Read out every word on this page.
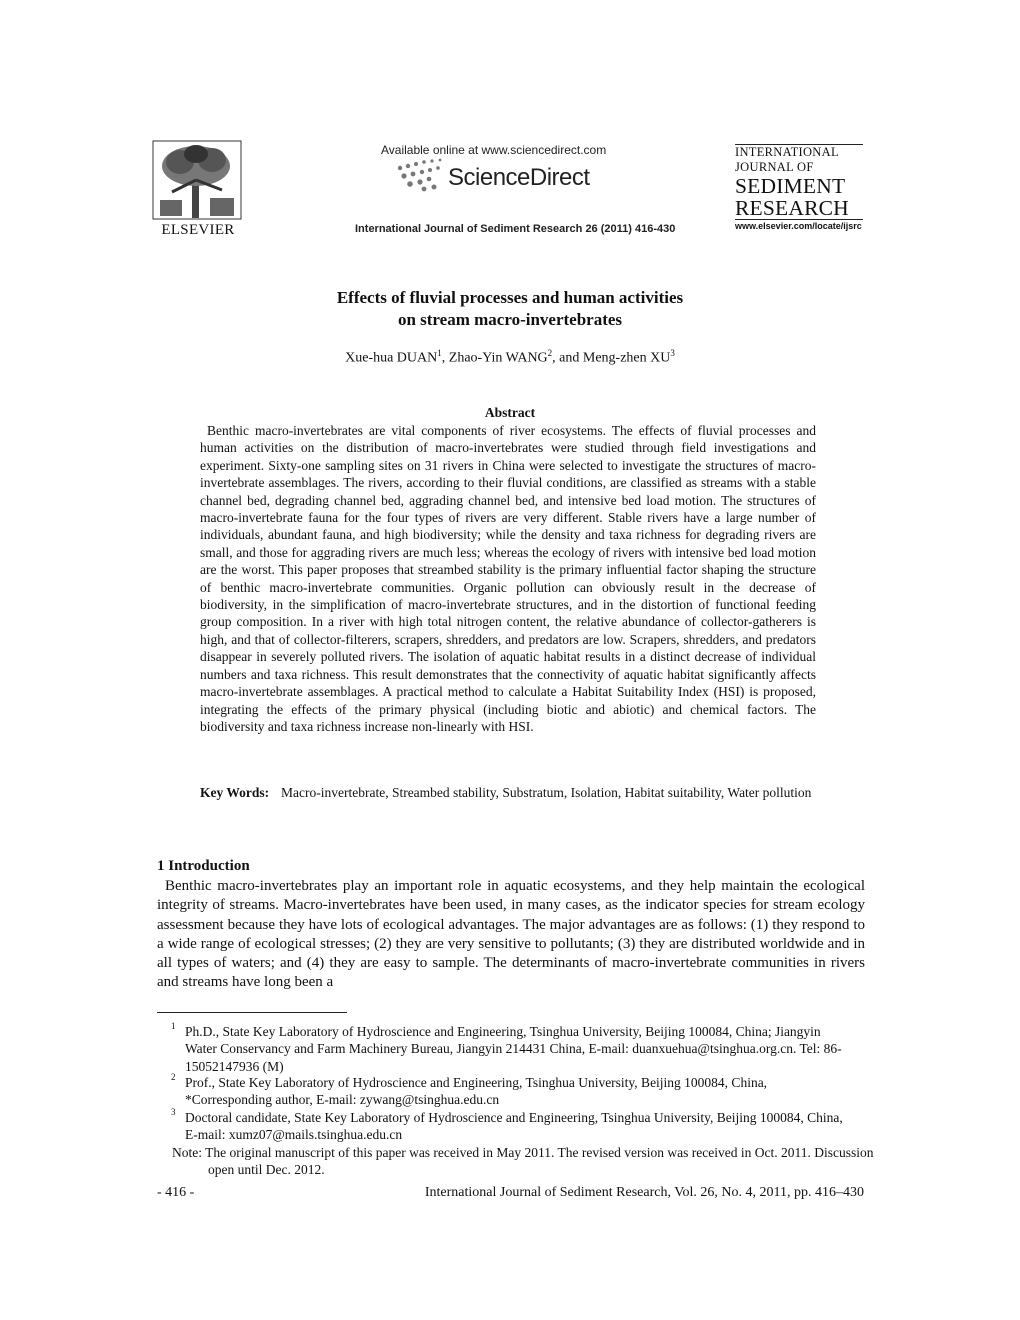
ELSEVIER
Available online at www.sciencedirect.com
ScienceDirect
International Journal of Sediment Research 26 (2011) 416-430
INTERNATIONAL
JOURNAL OF
SEDIMENT
RESEARCH
www.elsevier.com/locate/ijsrc
Effects of fluvial processes and human activities
on stream macro-invertebrates
Xue-hua DUAN$^1$, Zhao-Yin WANG$^2$, and Meng-zhen $XU^3$
Abstract

Benthic macro-invertebrates are vital components of river ecosystems. The effects of fluvial processes and human activities on the distribution of macro-invertebrates were studied through field investigations and experiment. Sixty-one sampling sites on 31 rivers in China were selected to investigate the structures of macro-invertebrate assemblages. The rivers, according to their fluvial conditions, are classified as streams with a stable channel bed, degrading channel bed, aggrading channel bed, and intensive bed load motion. The structures of macro-invertebrate fauna for the four types of rivers are very different. Stable rivers have a large number of individuals, abundant fauna, and high biodiversity; while the density and taxa richness for degrading rivers are small, and those for aggrading rivers are much less; whereas the ecology of rivers with intensive bed load motion are the worst. This paper proposes that streambed stability is the primary influential factor shaping the structure of benthic macro-invertebrate communities. Organic pollution can obviously result in the decrease of biodiversity, in the simplification of macro-invertebrate structures, and in the distortion of functional feeding group composition. In a river with high total nitrogen content, the relative abundance of collector-gatherers is high, and that of collector-filterers, scrapers, shredders, and predators are low. Scrapers, shredders, and predators disappear in severely polluted rivers. The isolation of aquatic habitat results in a distinct decrease of individual numbers and taxa richness. This result demonstrates that the connectivity of aquatic habitat significantly affects macro-invertebrate assemblages. A practical method to calculate a Habitat Suitability Index (HSI) is proposed, integrating the effects of the primary physical (including biotic and abiotic) and chemical factors. The biodiversity and taxa richness increase non-linearly with HSI.

Key Words: Macro-invertebrate, Streambed stability, Substratum, Isolation, Habitat suitability, Water pollution
1 Introduction

Benthic macro-invertebrates play an important role in aquatic ecosystems, and they help maintain the ecological integrity of streams. Macro-invertebrates have been used, in many cases, as the indicator species for stream ecology assessment because they have lots of ecological advantages. The major advantages are as follows: (1) they respond to a wide range of ecological stresses; (2) they are very sensitive to pollutants; (3) they are distributed worldwide and in all types of waters; and (4) they are easy to sample. The determinants of macro-invertebrate communities in rivers and streams have long been a

1 Ph.D., State Key Laboratory of Hydroscience and Engineering, Tsinghua University, Beijing 100084, China; Jiangyin Water Conservancy and Farm Machinery Bureau, Jiangyin 214431 China, E-mail: duanxuehua@tsinghua.org.cn. Tel: 86-15052147936 (M)
2 Prof., State Key Laboratory of Hydroscience and Engineering, Tsinghua University, Beijing 100084, China, *Corresponding author, E-mail: zywang@tsinghua.edu.cn
3 Doctoral candidate, State Key Laboratory of Hydroscience and Engineering, Tsinghua University, Beijing 100084, China, E-mail: xumz07@mails.tsinghua.edu.cn
Note: The original manuscript of this paper was received in May 2011. The revised version was received in Oct. 2011. Discussion open until Dec. 2012.
- 416 -	International Journal of Sediment Research, Vol. 26, No. 4, 2011, pp. 416–430
